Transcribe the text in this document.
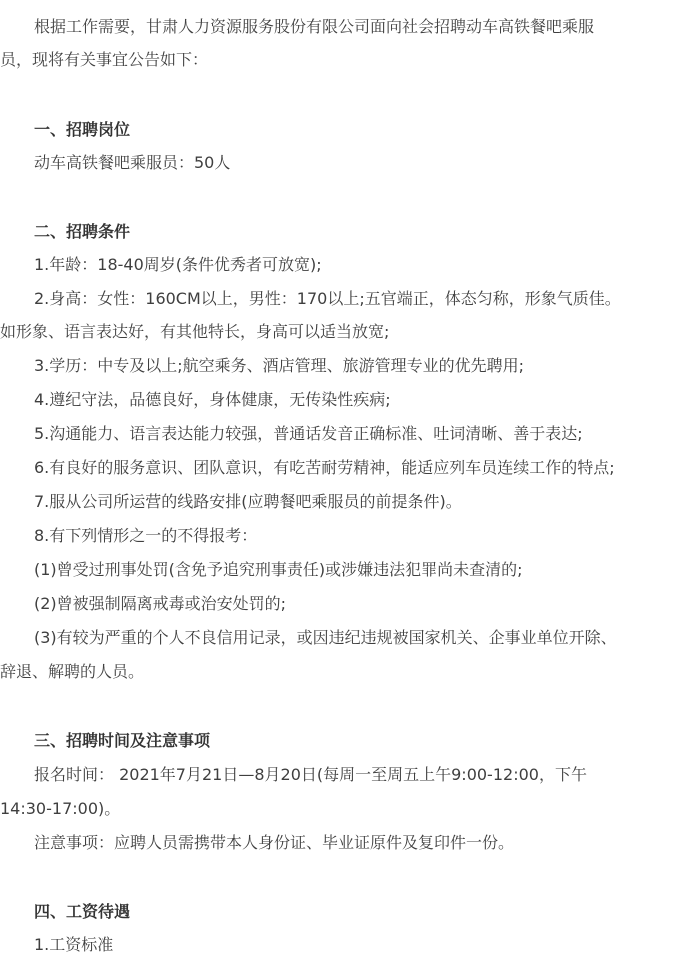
根据工作需要，甘肃人力资源服务股份有限公司面向社会招聘动车高铁餐吧乘服
员，现将有关事宜公告如下：
一、招聘岗位
动车高铁餐吧乘服员：50人
二、招聘条件
1.年龄：18-40周岁(条件优秀者可放宽);
2.身高：女性：160CM以上，男性：170以上;五官端正，体态匀称，形象气质佳。
如形象、语言表达好，有其他特长，身高可以适当放宽;
3.学历：中专及以上;航空乘务、酒店管理、旅游管理专业的优先聘用;
4.遵纪守法，品德良好，身体健康，无传染性疾病;
5.沟通能力、语言表达能力较强，普通话发音正确标准、吐词清晰、善于表达;
6.有良好的服务意识、团队意识，有吃苦耐劳精神，能适应列车员连续工作的特点;
7.服从公司所运营的线路安排(应聘餐吧乘服员的前提条件)。
8.有下列情形之一的不得报考：
(1)曾受过刑事处罚(含免予追究刑事责任)或涉嫌违法犯罪尚未查清的;
(2)曾被强制隔离戒毒或治安处罚的;
(3)有较为严重的个人不良信用记录，或因违纪违规被国家机关、企事业单位开除、
辞退、解聘的人员。
三、招聘时间及注意事项
报名时间： 2021年7月21日—8月20日(每周一至周五上午9:00-12:00，下午
14:30-17:00)。
注意事项：应聘人员需携带本人身份证、毕业证原件及复印件一份。
四、工资待遇
1.工资标准
